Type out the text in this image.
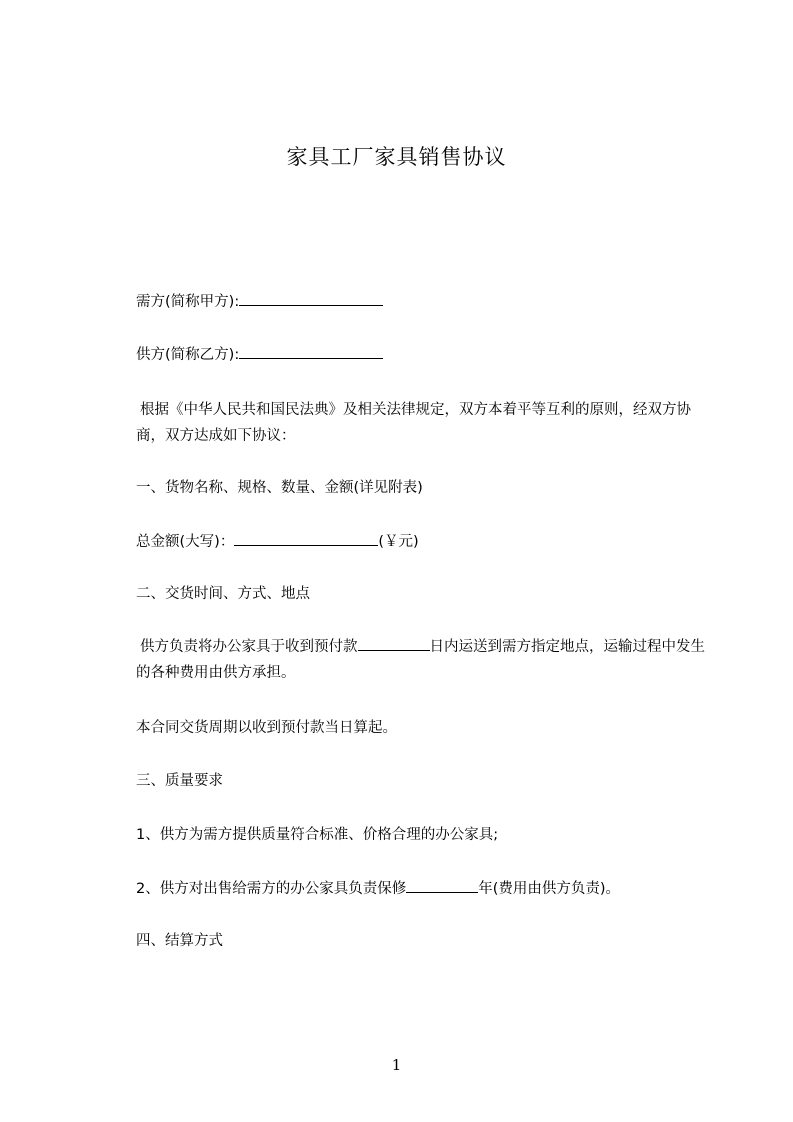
家具工厂家具销售协议
需方(简称甲方):
供方(简称乙方):
根据《中华人民共和国民法典》及相关法律规定，双方本着平等互利的原则，经双方协商，双方达成如下协议：
一、货物名称、规格、数量、金额(详见附表)
总金额(大写)：	(￥元)
二、交货时间、方式、地点
供方负责将办公家具于收到预付款	日内运送到需方指定地点，运输过程中发生的各种费用由供方承担。
本合同交货周期以收到预付款当日算起。
三、质量要求
1、供方为需方提供质量符合标准、价格合理的办公家具;
2、供方对出售给需方的办公家具负责保修	年(费用由供方负责)。
四、结算方式
1
